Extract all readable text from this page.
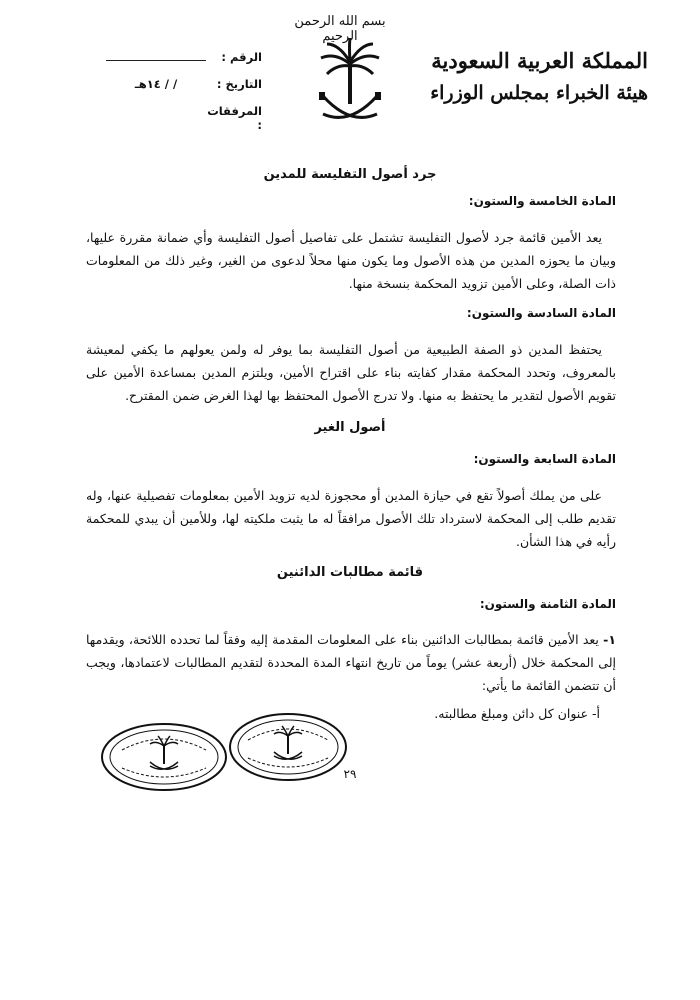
بسم الله الرحمن الرحيم
المملكة العربية السعودية
هيئة الخبراء بمجلس الوزراء
الرقم :
التاريخ :/ / ١٤هـ
المرفقات :
جرد أصول التفليسة للمدين
المادة الخامسة والستون:
يعد الأمين قائمة جرد لأصول التفليسة تشتمل على تفاصيل أصول التفليسة وأي ضمانة مقررة عليها، وبيان ما يحوزه المدين من هذه الأصول وما يكون منها محلاً لدعوى من الغير، وغير ذلك من المعلومات ذات الصلة، وعلى الأمين تزويد المحكمة بنسخة منها.
المادة السادسة والستون:
يحتفظ المدين ذو الصفة الطبيعية من أصول التفليسة بما يوفر له ولمن يعولهم ما يكفي لمعيشة بالمعروف، وتحدد المحكمة مقدار كفايته بناء على اقتراح الأمين، ويلتزم المدين بمساعدة الأمين على تقويم الأصول لتقدير ما يحتفظ به منها. ولا تدرج الأصول المحتفظ بها لهذا الغرض ضمن المقترح.
أصول الغير
المادة السابعة والستون:
على من يملك أصولاً تقع في حيازة المدين أو محجوزة لديه تزويد الأمين بمعلومات تفصيلية عنها، وله تقديم طلب إلى المحكمة لاسترداد تلك الأصول مرافقاً له ما يثبت ملكيته لها، وللأمين أن يبدي للمحكمة رأيه في هذا الشأن.
قائمة مطالبات الدائنين
المادة الثامنة والستون:
١- يعد الأمين قائمة بمطالبات الدائنين بناء على المعلومات المقدمة إليه وفقاً لما تحدده اللائحة، ويقدمها إلى المحكمة خلال (أربعة عشر) يوماً من تاريخ انتهاء المدة المحددة لتقديم المطالبات لاعتمادها، ويجب أن تتضمن القائمة ما يأتي:
أ- عنوان كل دائن ومبلغ مطالبته.
٢٩
